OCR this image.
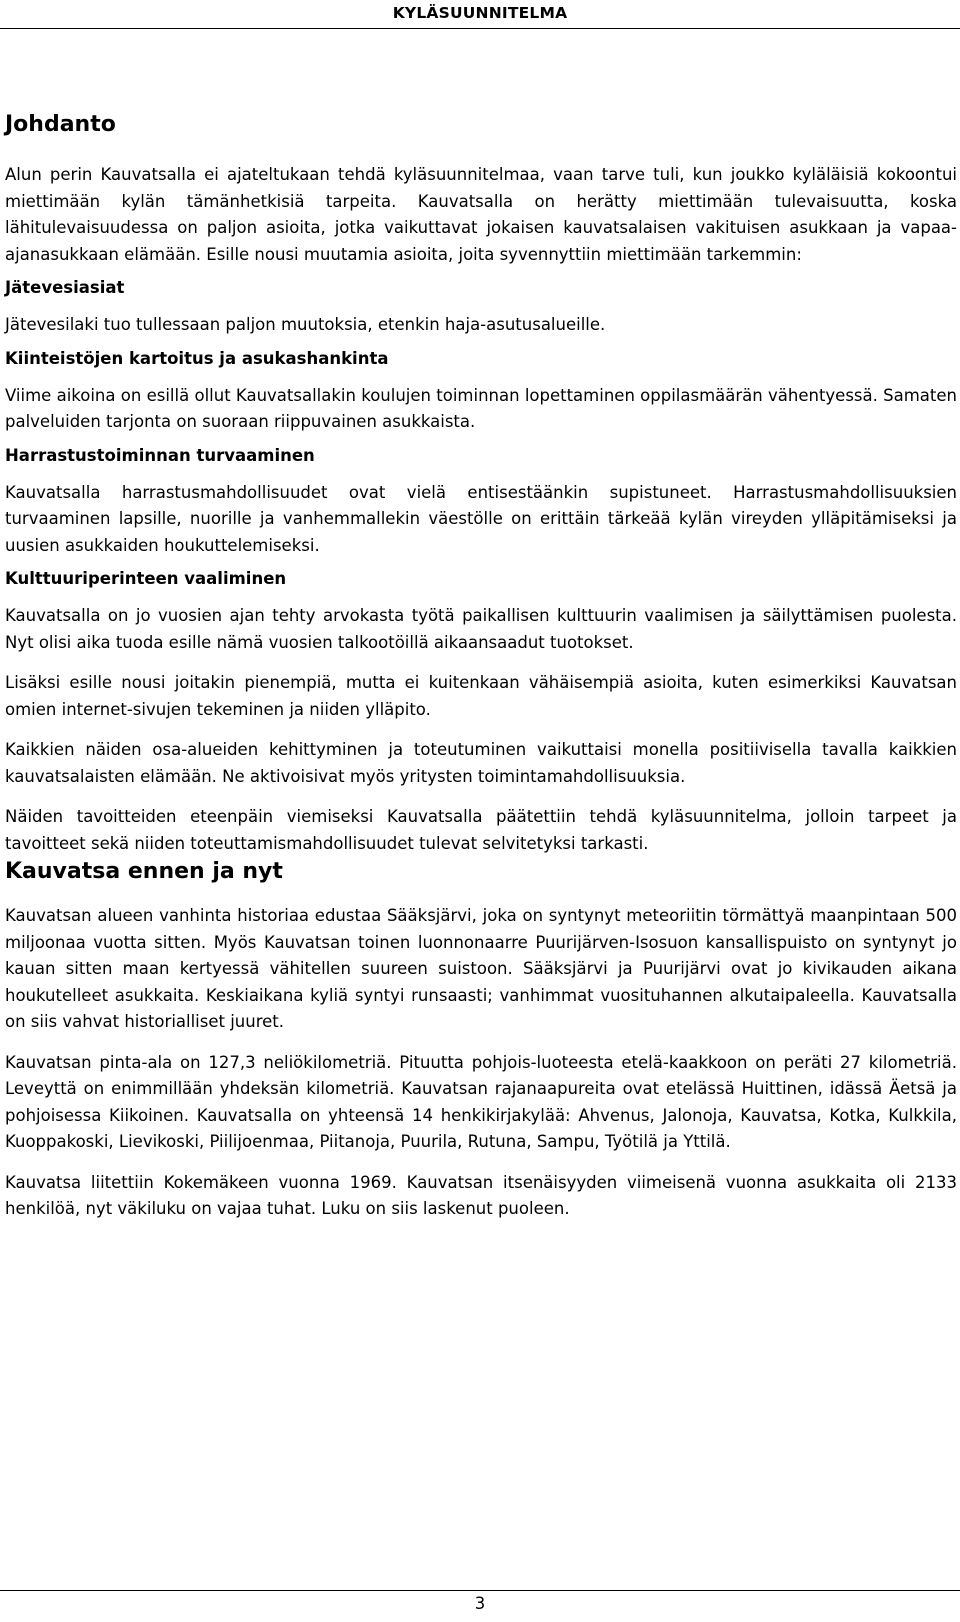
KYLÄSUUNNITELMA
Johdanto

Alun perin Kauvatsalla ei ajateltukaan tehdä kyläsuunnitelmaa, vaan tarve tuli, kun joukko kyläläisiä kokoontui miettimään kylän tämänhetkisiä tarpeita. Kauvatsalla on herätty miettimään tulevaisuutta, koska lähitulevaisuudessa on paljon asioita, jotka vaikuttavat jokaisen kauvatsalaisen vakituisen asukkaan ja vapaa-ajanasukkaan elämään. Esille nousi muutamia asioita, joita syvennyttiin miettimään tarkemmin:

Jätevesiasiat

Jätevesilaki tuo tullessaan paljon muutoksia, etenkin haja-asutusalueille.

Kiinteistöjen kartoitus ja asukashankinta

Viime aikoina on esillä ollut Kauvatsallakin koulujen toiminnan lopettaminen oppilasmäärän vähentyessä. Samaten palveluiden tarjonta on suoraan riippuvainen asukkaista.

Harrastustoiminnan turvaaminen

Kauvatsalla harrastusmahdollisuudet ovat vielä entisestäänkin supistuneet. Harrastusmahdollisuuksien turvaaminen lapsille, nuorille ja vanhemmallekin väestölle on erittäin tärkeää kylän vireyden ylläpitämiseksi ja uusien asukkaiden houkuttelemiseksi.

Kulttuuriperinteen vaaliminen

Kauvatsalla on jo vuosien ajan tehty arvokasta työtä paikallisen kulttuurin vaalimisen ja säilyttämisen puolesta. Nyt olisi aika tuoda esille nämä vuosien talkootöillä aikaansaadut tuotokset.

Lisäksi esille nousi joitakin pienempiä, mutta ei kuitenkaan vähäisempiä asioita, kuten esimerkiksi Kauvatsan omien internet-sivujen tekeminen ja niiden ylläpito.

Kaikkien näiden osa-alueiden kehittyminen ja toteutuminen vaikuttaisi monella positiivisella tavalla kaikkien kauvatsalaisten elämään. Ne aktivoisivat myös yritysten toimintamahdollisuuksia.

Näiden tavoitteiden eteenpäin viemiseksi Kauvatsalla päätettiin tehdä kyläsuunnitelma, jolloin tarpeet ja tavoitteet sekä niiden toteuttamismahdollisuudet tulevat selvitetyksi tarkasti.

Kauvatsa ennen ja nyt

Kauvatsan alueen vanhinta historiaa edustaa Sääksjärvi, joka on syntynyt meteoriitin törmättyä maanpintaan 500 miljoonaa vuotta sitten. Myös Kauvatsan toinen luonnonaarre Puurijärven-Isosuon kansallispuisto on syntynyt jo kauan sitten maan kertyessä vähitellen suureen suistoon. Sääksjärvi ja Puurijärvi ovat jo kivikauden aikana houkutelleet asukkaita. Keskiaikana kyliä syntyi runsaasti; vanhimmat vuosituhannen alkutaipaleella. Kauvatsalla on siis vahvat historialliset juuret.

Kauvatsan pinta-ala on 127,3 neliökilometriä. Pituutta pohjois-luoteesta etelä-kaakkoon on peräti 27 kilometriä. Leveyttä on enimmillään yhdeksän kilometriä. Kauvatsan rajanaapureita ovat etelässä Huittinen, idässä Äetsä ja pohjoisessa Kiikoinen. Kauvatsalla on yhteensä 14 henkikirjakylää: Ahvenus, Jalonoja, Kauvatsa, Kotka, Kulkkila, Kuoppakoski, Lievikoski, Piilijoenmaa, Piitanoja, Puurila, Rutuna, Sampu, Työtilä ja Yttilä.

Kauvatsa liitettiin Kokemäkeen vuonna 1969. Kauvatsan itsenäisyyden viimeisenä vuonna asukkaita oli 2133 henkilöä, nyt väkiluku on vajaa tuhat. Luku on siis laskenut puoleen.

3
